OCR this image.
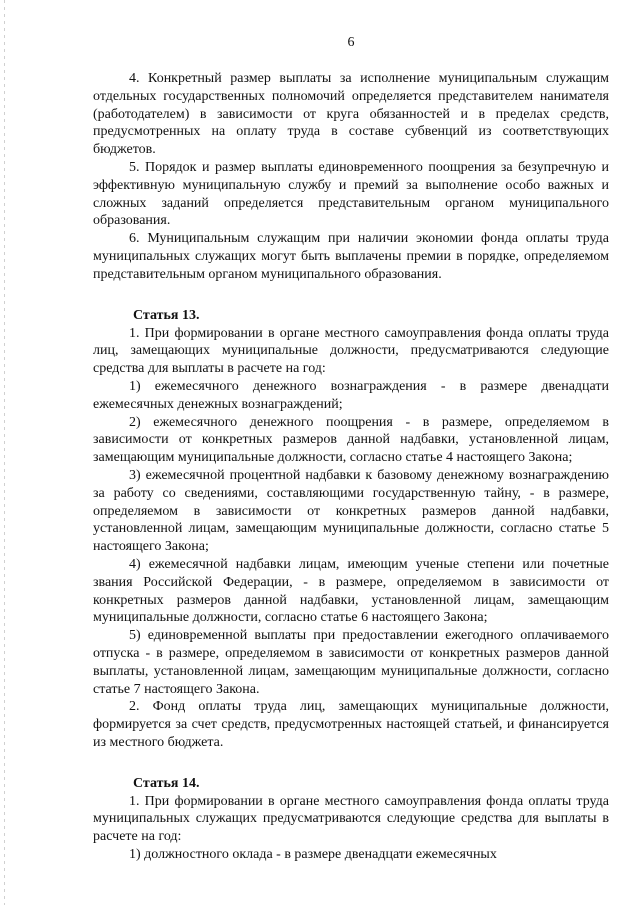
6

4. Конкретный размер выплаты за исполнение муниципальным служащим отдельных государственных полномочий определяется представителем нанимателя (работодателем) в зависимости от круга обязанностей и в пределах средств, предусмотренных на оплату труда в составе субвенций из соответствующих бюджетов.

5. Порядок и размер выплаты единовременного поощрения за безупречную и эффективную муниципальную службу и премий за выполнение особо важных и сложных заданий определяется представительным органом муниципального образования.

6. Муниципальным служащим при наличии экономии фонда оплаты труда муниципальных служащих могут быть выплачены премии в порядке, определяемом представительным органом муниципального образования.

Статья 13.

1. При формировании в органе местного самоуправления фонда оплаты труда лиц, замещающих муниципальные должности, предусматриваются следующие средства для выплаты в расчете на год:

1) ежемесячного денежного вознаграждения - в размере двенадцати ежемесячных денежных вознаграждений;

2) ежемесячного денежного поощрения - в размере, определяемом в зависимости от конкретных размеров данной надбавки, установленной лицам, замещающим муниципальные должности, согласно статье 4 настоящего Закона;

3) ежемесячной процентной надбавки к базовому денежному вознаграждению за работу со сведениями, составляющими государственную тайну, - в размере, определяемом в зависимости от конкретных размеров данной надбавки, установленной лицам, замещающим муниципальные должности, согласно статье 5 настоящего Закона;

4) ежемесячной надбавки лицам, имеющим ученые степени или почетные звания Российской Федерации, - в размере, определяемом в зависимости от конкретных размеров данной надбавки, установленной лицам, замещающим муниципальные должности, согласно статье 6 настоящего Закона;

5) единовременной выплаты при предоставлении ежегодного оплачиваемого отпуска - в размере, определяемом в зависимости от конкретных размеров данной выплаты, установленной лицам, замещающим муниципальные должности, согласно статье 7 настоящего Закона.

2. Фонд оплаты труда лиц, замещающих муниципальные должности, формируется за счет средств, предусмотренных настоящей статьей, и финансируется из местного бюджета.

Статья 14.

1. При формировании в органе местного самоуправления фонда оплаты труда муниципальных служащих предусматриваются следующие средства для выплаты в расчете на год:

1) должностного оклада - в размере двенадцати ежемесячных
